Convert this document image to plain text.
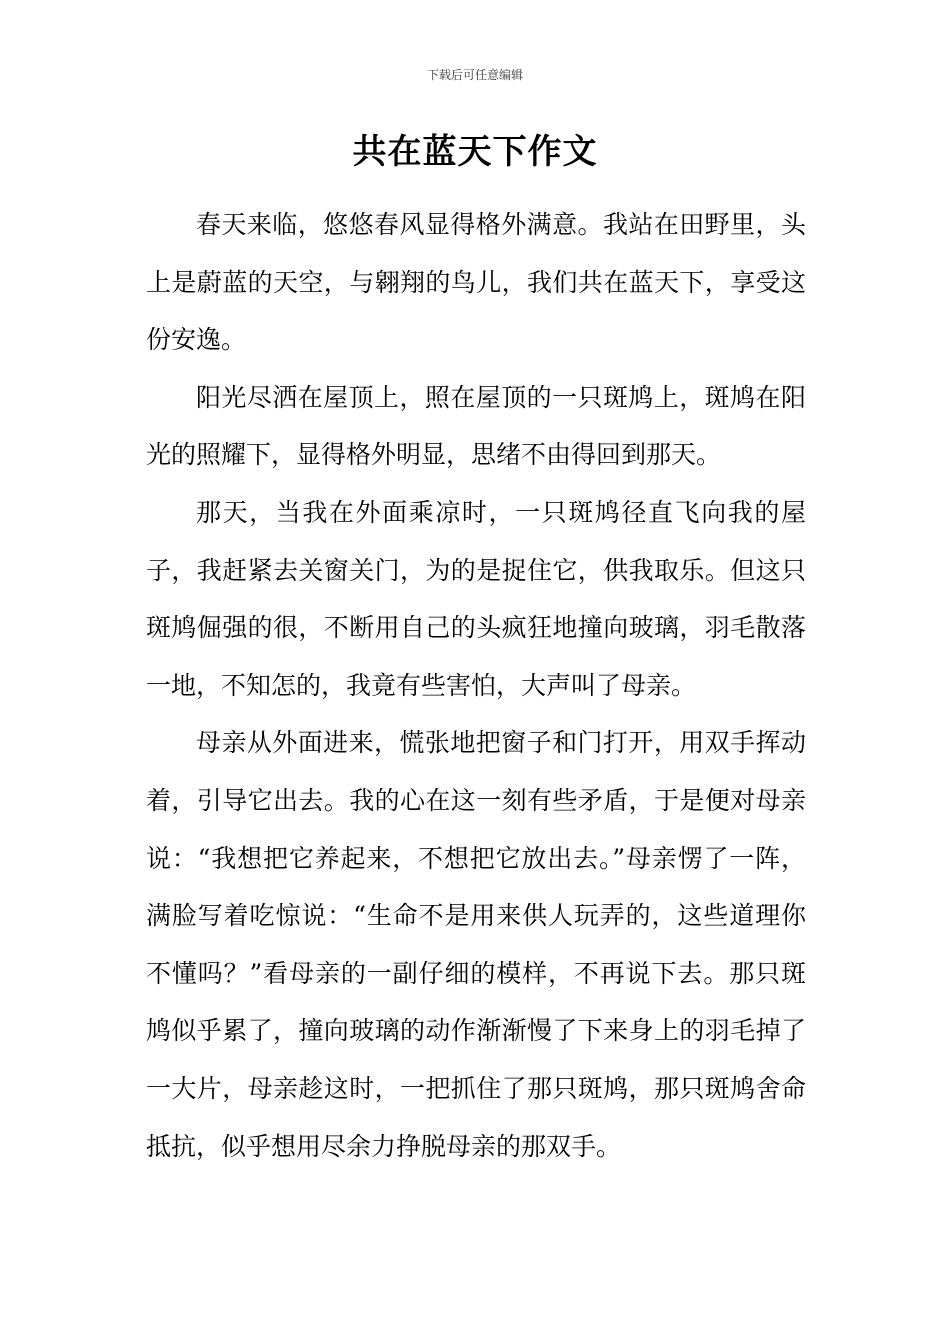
下载后可任意编辑
共在蓝天下作文

春天来临，悠悠春风显得格外满意。我站在田野里，头上是蔚蓝的天空，与翱翔的鸟儿，我们共在蓝天下，享受这份安逸。

阳光尽洒在屋顶上，照在屋顶的一只斑鸠上，斑鸠在阳光的照耀下，显得格外明显，思绪不由得回到那天。

那天，当我在外面乘凉时，一只斑鸠径直飞向我的屋子，我赶紧去关窗关门，为的是捉住它，供我取乐。但这只斑鸠倔强的很，不断用自己的头疯狂地撞向玻璃，羽毛散落一地，不知怎的，我竟有些害怕，大声叫了母亲。

母亲从外面进来，慌张地把窗子和门打开，用双手挥动着，引导它出去。我的心在这一刻有些矛盾，于是便对母亲说：“我想把它养起来，不想把它放出去。”母亲愣了一阵，满脸写着吃惊说：“生命不是用来供人玩弄的，这些道理你不懂吗？”看母亲的一副仔细的模样，不再说下去。那只斑鸠似乎累了，撞向玻璃的动作渐渐慢了下来身上的羽毛掉了一大片，母亲趁这时，一把抓住了那只斑鸠，那只斑鸠舍命抵抗，似乎想用尽余力挣脱母亲的那双手。
